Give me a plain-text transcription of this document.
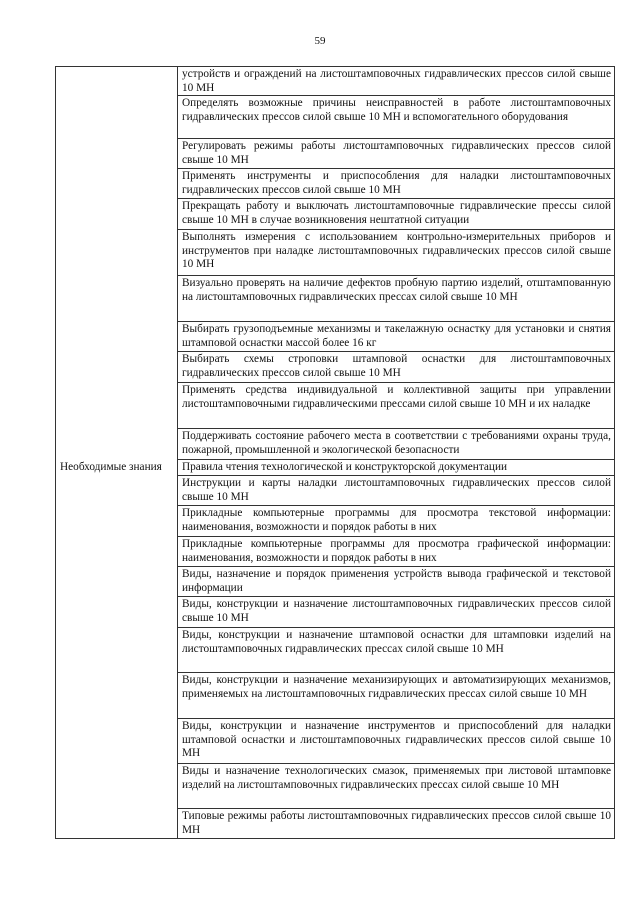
59
Необходимые знания
устройств и ограждений на листоштамповочных гидравлических прессов силой свыше 10 МН
Определять возможные причины неисправностей в работе листоштамповочных гидравлических прессов силой свыше 10 МН и вспомогательного оборудования
Регулировать режимы работы листоштамповочных гидравлических прессов силой свыше 10 МН
Применять инструменты и приспособления для наладки листоштамповочных гидравлических прессов силой свыше 10 МН
Прекращать работу и выключать листоштамповочные гидравлические прессы силой свыше 10 МН в случае возникновения нештатной ситуации
Выполнять измерения с использованием контрольно-измерительных приборов и инструментов при наладке листоштамповочных гидравлических прессов силой свыше 10 МН
Визуально проверять на наличие дефектов пробную партию изделий, отштампованную на листоштамповочных гидравлических прессах силой свыше 10 МН
Выбирать грузоподъемные механизмы и такелажную оснастку для установки и снятия штамповой оснастки массой более 16 кг
Выбирать схемы строповки штамповой оснастки для листоштамповочных гидравлических прессов силой свыше 10 МН
Применять средства индивидуальной и коллективной защиты при управлении листоштамповочными гидравлическими прессами силой свыше 10 МН и их наладке
Поддерживать состояние рабочего места в соответствии с требованиями охраны труда, пожарной, промышленной и экологической безопасности
Правила чтения технологической и конструкторской документации
Инструкции и карты наладки листоштамповочных гидравлических прессов силой свыше 10 МН
Прикладные компьютерные программы для просмотра текстовой информации: наименования, возможности и порядок работы в них
Прикладные компьютерные программы для просмотра графической информации: наименования, возможности и порядок работы в них
Виды, назначение и порядок применения устройств вывода графической и текстовой информации
Виды, конструкции и назначение листоштамповочных гидравлических прессов силой свыше 10 МН
Виды, конструкции и назначение штамповой оснастки для штамповки изделий на листоштамповочных гидравлических прессах силой свыше 10 МН
Виды, конструкции и назначение механизирующих и автоматизирующих механизмов, применяемых на листоштамповочных гидравлических прессах силой свыше 10 МН
Виды, конструкции и назначение инструментов и приспособлений для наладки штамповой оснастки и листоштамповочных гидравлических прессов силой свыше 10 МН
Виды и назначение технологических смазок, применяемых при листовой штамповке изделий на листоштамповочных гидравлических прессах силой свыше 10 МН
Типовые режимы работы листоштамповочных гидравлических прессов силой свыше 10 МН
